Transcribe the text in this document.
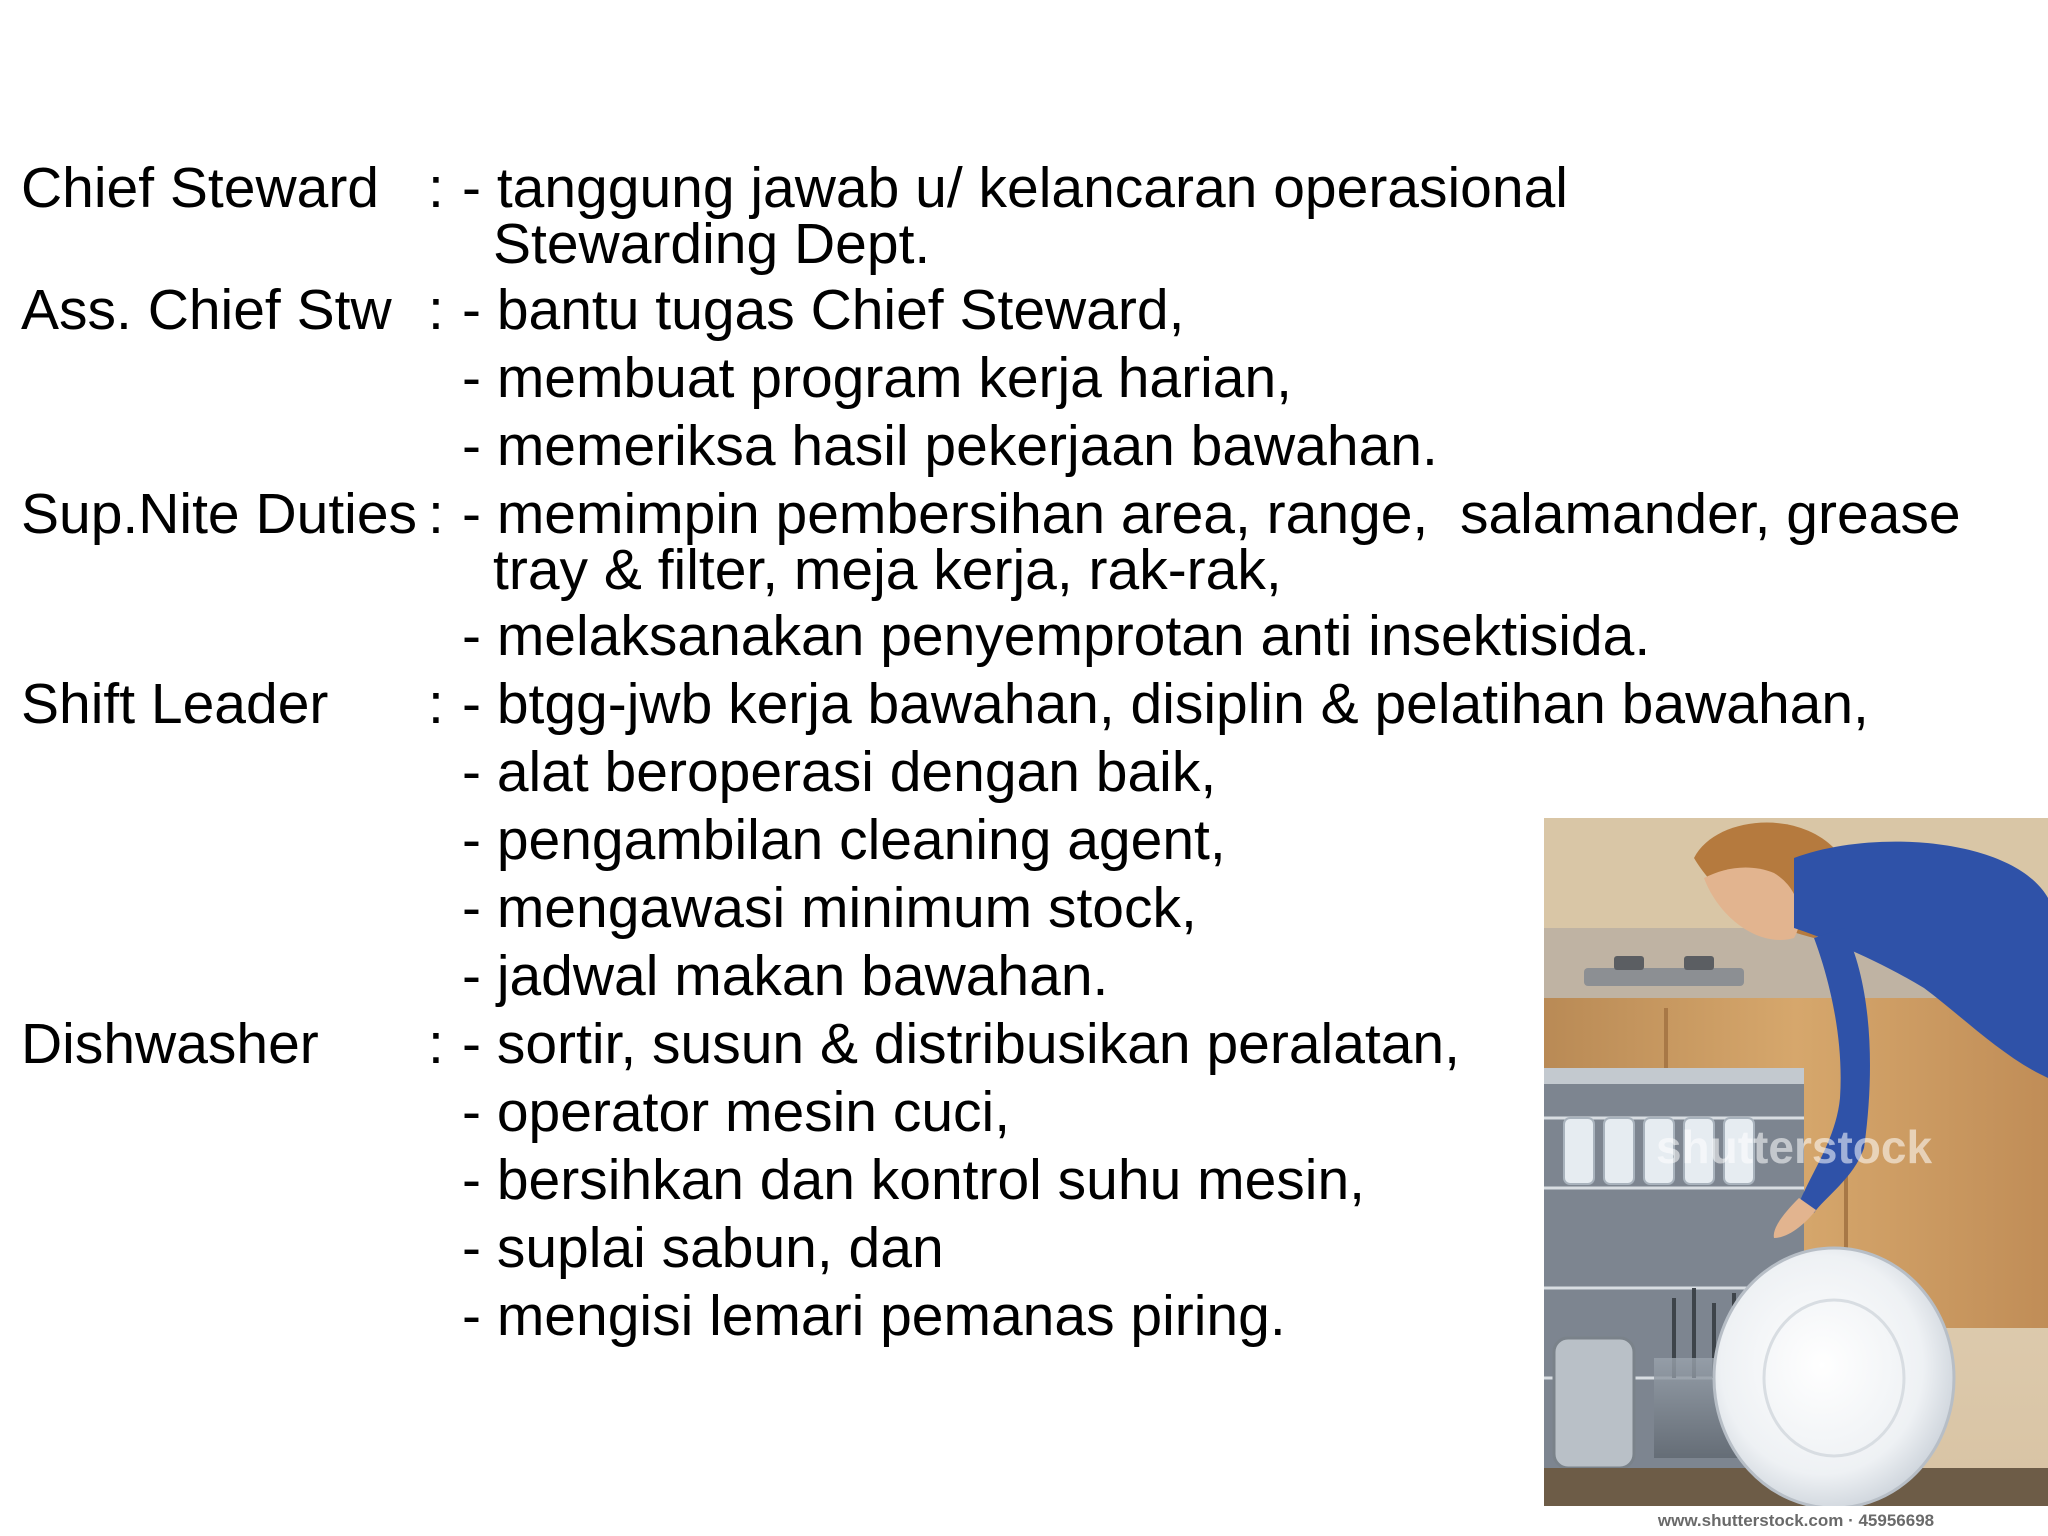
Chief Steward : - tanggung jawab u/ kelancaran operasional
Stewarding Dept.
Ass. Chief Stw : - bantu tugas Chief Steward,
- membuat program kerja harian,
- memeriksa hasil pekerjaan bawahan.
Sup.Nite Duties : - memimpin pembersihan area, range,  salamander, grease
tray & filter, meja kerja, rak-rak,
- melaksanakan penyemprotan anti insektisida.
Shift Leader : - btgg-jwb kerja bawahan, disiplin & pelatihan bawahan,
- alat beroperasi dengan baik,
- pengambilan cleaning agent,
- mengawasi minimum stock,
- jadwal makan bawahan.
Dishwasher : - sortir, susun & distribusikan peralatan,
- operator mesin cuci,
- bersihkan dan kontrol suhu mesin,
- suplai sabun, dan
- mengisi lemari pemanas piring.
shutterstock
www.shutterstock.com · 45956698
